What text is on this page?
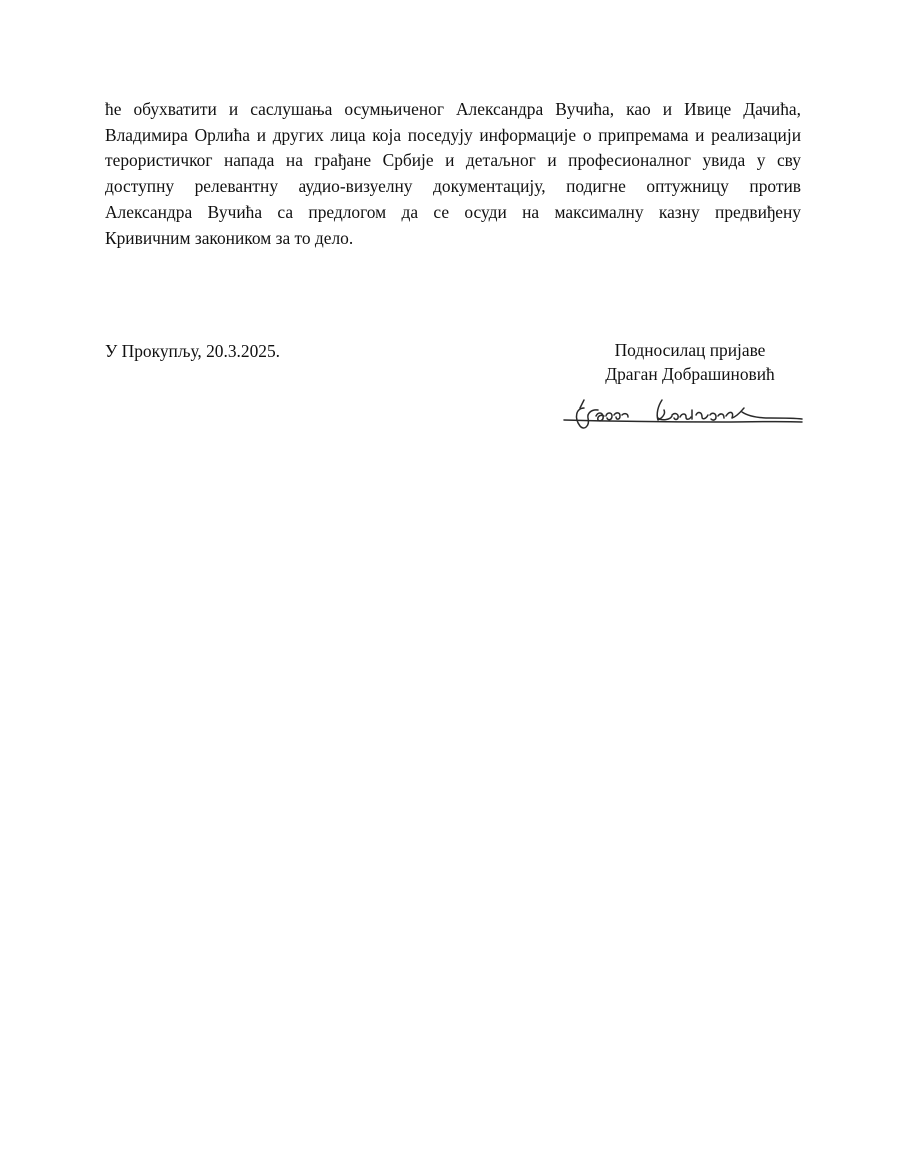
ће обухватити и саслушања осумњиченог Александра Вучића, као и Ивице Дачића,
Владимира Орлића и других лица која поседују информације о припремама и реализацији
терористичког напада на грађане Србије и детаљног и професионалног увида у сву
доступну релевантну аудио-визуелну документацију, подигне оптужницу против
Александра Вучића са предлогом да се осуди на максималну казну предвиђену
Кривичним закоником за то дело.
У Прокупљу, 20.3.2025.	Подносилац пријаве
Драган Добрашиновић
